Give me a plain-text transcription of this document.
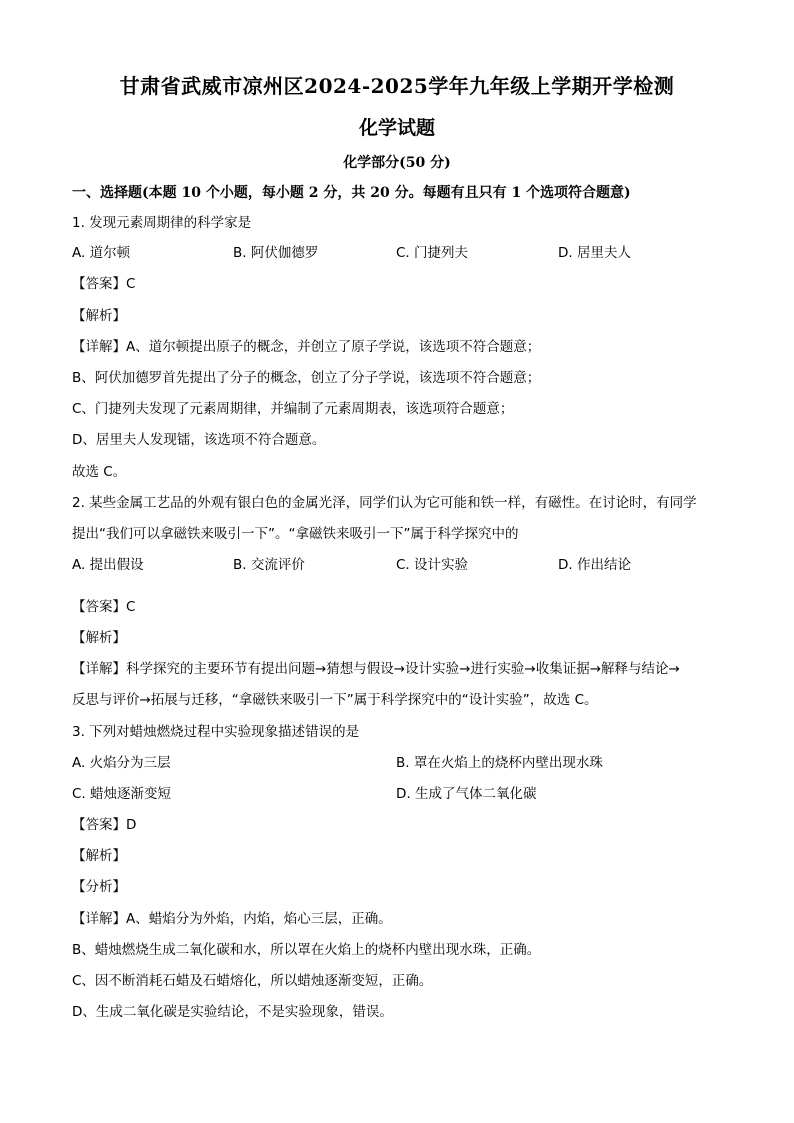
甘肃省武威市凉州区2024-2025学年九年级上学期开学检测
化学试题
化学部分(50 分)
一、选择题(本题 10 个小题，每小题 2 分，共 20 分。每题有且只有 1 个选项符合题意)
1. 发现元素周期律的科学家是
A. 道尔顿	B. 阿伏伽德罗	C. 门捷列夫	D. 居里夫人
【答案】C
【解析】
【详解】A、道尔顿提出原子的概念，并创立了原子学说，该选项不符合题意；
B、阿伏加德罗首先提出了分子的概念，创立了分子学说，该选项不符合题意；
C、门捷列夫发现了元素周期律，并编制了元素周期表，该选项符合题意；
D、居里夫人发现镭，该选项不符合题意。
故选 C。
2. 某些金属工艺品的外观有银白色的金属光泽，同学们认为它可能和铁一样，有磁性。在讨论时，有同学
提出“我们可以拿磁铁来吸引一下”。“拿磁铁来吸引一下”属于科学探究中的
A. 提出假设	B. 交流评价	C. 设计实验	D. 作出结论
【答案】C
【解析】
【详解】科学探究的主要环节有提出问题→猜想与假设→设计实验→进行实验→收集证据→解释与结论→
反思与评价→拓展与迁移，“拿磁铁来吸引一下”属于科学探究中的“设计实验”，故选 C。
3. 下列对蜡烛燃烧过程中实验现象描述错误的是
A. 火焰分为三层	B. 罩在火焰上的烧杯内壁出现水珠
C. 蜡烛逐渐变短	D. 生成了气体二氧化碳
【答案】D
【解析】
【分析】
【详解】A、蜡焰分为外焰，内焰，焰心三层，正确。
B、蜡烛燃烧生成二氧化碳和水，所以罩在火焰上的烧杯内壁出现水珠，正确。
C、因不断消耗石蜡及石蜡熔化，所以蜡烛逐渐变短，正确。
D、生成二氧化碳是实验结论，不是实验现象，错误。
